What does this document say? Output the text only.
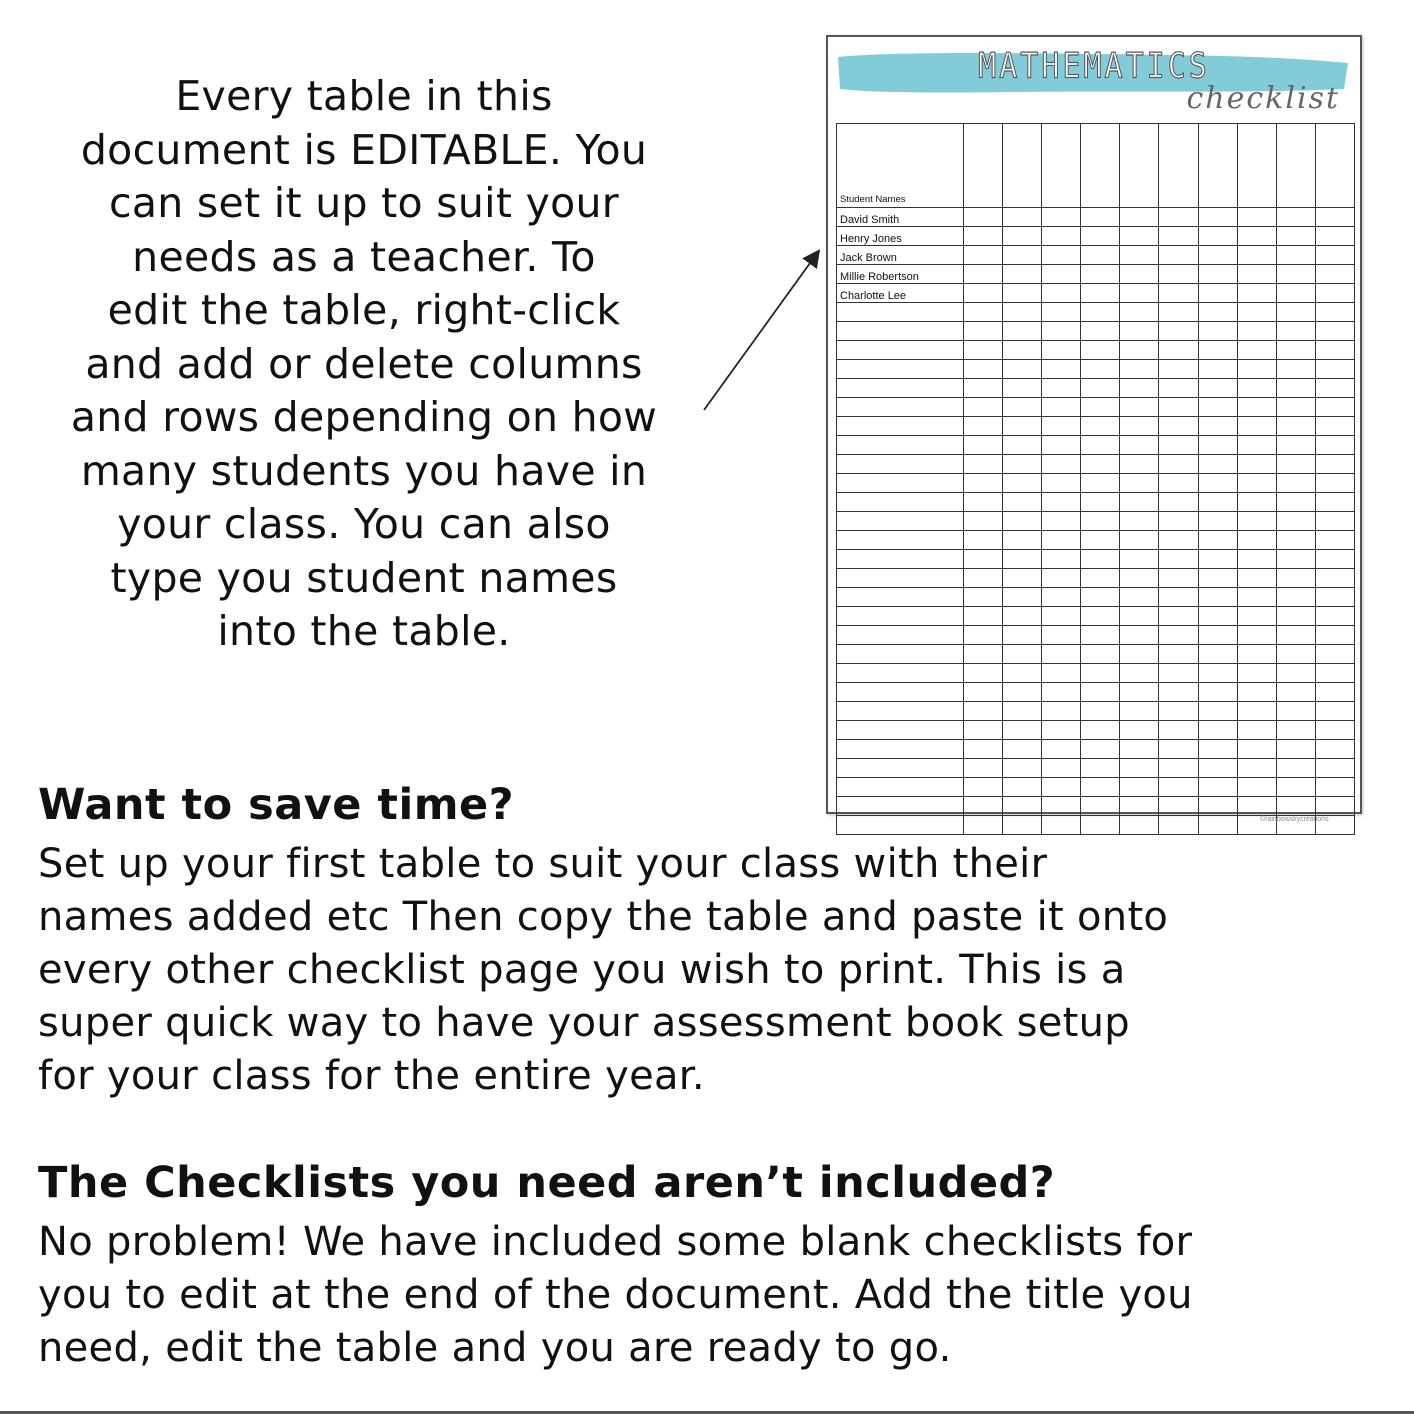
Every table in this
document is EDITABLE. You
can set it up to suit your
needs as a teacher. To
edit the table, right-click
and add or delete columns
and rows depending on how
many students you have in
your class. You can also
type you student names
into the table.

MATHEMATICS
checklist
Student Names										

David Smith										
Henry Jones										
Jack Brown										
Millie Robertson										
Charlotte Lee										

©rainbowskycreations
Want to save time?

Set up your first table to suit your class with their
names added etc Then copy the table and paste it onto
every other checklist page you wish to print. This is a
super quick way to have your assessment book setup
for your class for the entire year.

The Checklists you need aren’t included?

No problem! We have included some blank checklists for
you to edit at the end of the document. Add the title you
need, edit the table and you are ready to go.
